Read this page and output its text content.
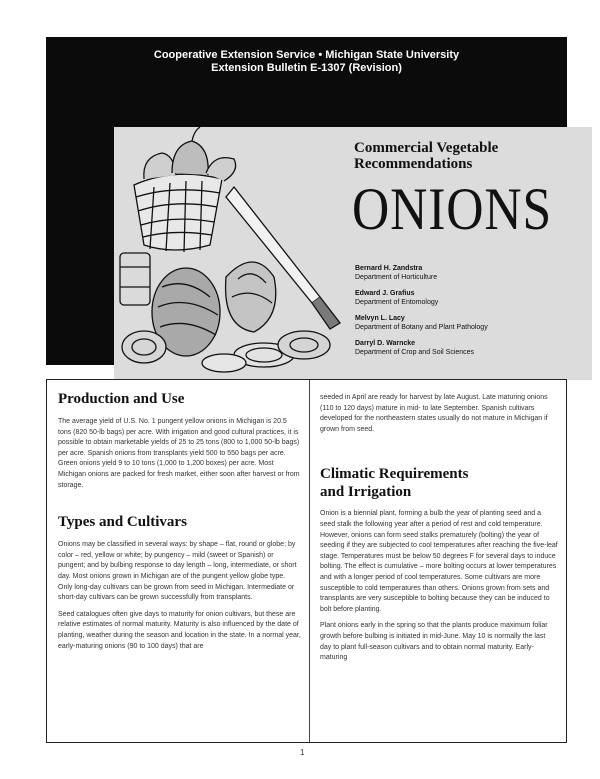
Cooperative Extension Service • Michigan State University
Extension Bulletin E-1307 (Revision)
Commercial Vegetable
Recommendations
ONIONS
Bernard H. Zandstra
Department of Horticulture
Edward J. Grafius
Department of Entomology
Melvyn L. Lacy
Department of Botany and Plant Pathology
Darryl D. Warncke
Department of Crop and Soil Sciences
Production and Use

The average yield of U.S. No. 1 pungent yellow onions in Michigan is 20.5 tons (820 50-lb bags) per acre. With irrigation and good cultural practices, it is possible to obtain marketable yields of 25 to 25 tons (800 to 1,000 50-lb bags) per acre. Spanish onions from transplants yield 500 to 550 bags per acre. Green onions yield 9 to 10 tons (1,000 to 1,200 boxes) per acre. Most Michigan onions are packed for fresh market, either soon after harvest or from storage.

Types and Cultivars

Onions may be classified in several ways: by shape – flat, round or globe; by color – red, yellow or white; by pungency – mild (sweet or Spanish) or pungent; and by bulbing response to day length – long, intermediate, or short day. Most onions grown in Michigan are of the pungent yellow globe type. Only long-day cultivars can be grown from seed in Michigan. Intermediate or short-day cultivars can be grown successfully from transplants.

Seed catalogues often give days to maturity for onion cultivars, but these are relative estimates of normal maturity. Maturity is also influenced by the date of planting, weather during the season and location in the state. In a normal year, early-maturing onions (90 to 100 days) that are

seeded in April are ready for harvest by late August. Late maturing onions (110 to 120 days) mature in mid- to late September. Spanish cultivars developed for the northeastern states usually do not mature in Michigan if grown from seed.

Climatic Requirements
and Irrigation

Onion is a biennial plant, forming a bulb the year of planting seed and a seed stalk the following year after a period of rest and cold temperature. However, onions can form seed stalks prematurely (bolting) the year of seeding if they are subjected to cool temperatures after reaching the five-leaf stage. Temperatures must be below 50 degrees F for several days to induce bolting. The effect is cumulative – more bolting occurs at lower temperatures and with a longer period of cool temperatures. Some cultivars are more susceptible to cold temperatures than others. Onions grown from sets and transplants are very susceptible to bolting because they can be induced to bolt before planting.

Plant onions early in the spring so that the plants produce maximum foliar growth before bulbing is initiated in mid-June. May 10 is normally the last day to plant full-season cultivars and to obtain normal maturity. Early-maturing

1
